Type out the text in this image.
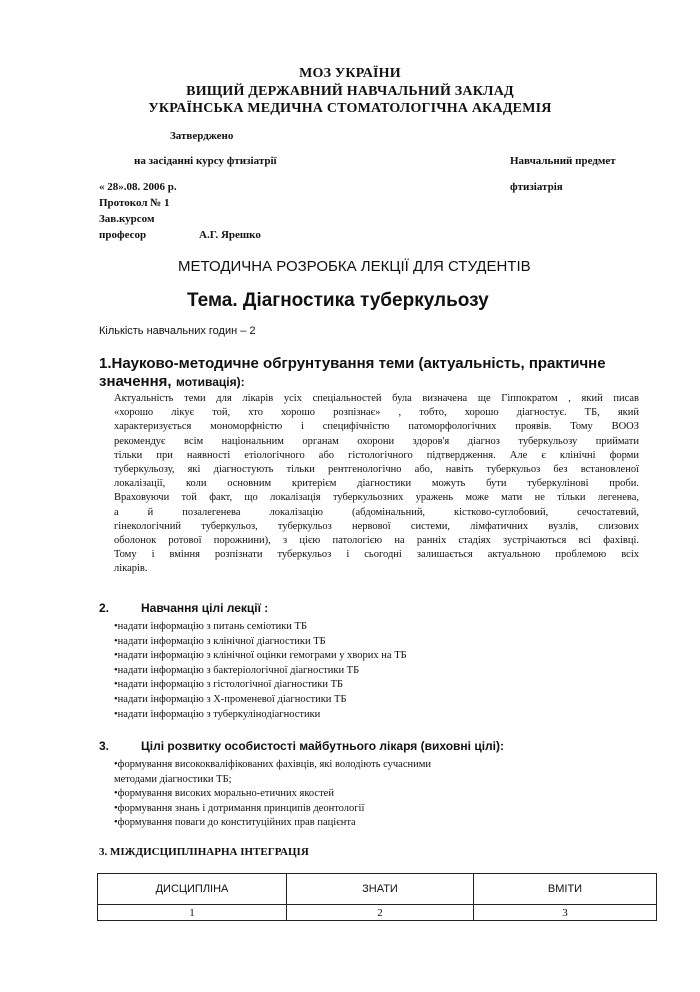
МОЗ УКРАЇНИ
ВИЩИЙ ДЕРЖАВНИЙ НАВЧАЛЬНИЙ ЗАКЛАД
УКРАЇНСЬКА МЕДИЧНА СТОМАТОЛОГІЧНА АКАДЕМІЯ
Затверджено
на засіданні курсу фтизіатрії	Навчальний предмет
« 28».08. 2006 р.	фтизіатрія
Протокол № 1
Зав.курсом
професор	А.Г. Ярешко
МЕТОДИЧНА РОЗРОБКА ЛЕКЦІЇ ДЛЯ СТУДЕНТІВ
Тема. Діагностика туберкульозу
Кількість навчальних годин – 2
1.Науково-методичне обгрунтування теми (актуальність, практичне
значення, мотивація):
Актуальність теми для лікарів усіх спеціальностей була визначена ще Гіппократом , який писав
«хорошо лікує той, хто хорошо розпізнає» , тобто, хорошо діагностує. ТБ, який
характеризується мономорфністю і специфічністю патоморфологічних проявів. Тому ВООЗ
рекомендує всім національним органам охорони здоров'я діагноз туберкульозу приймати
тільки при наявності етіологічного або гістологічного підтвердження. Але є клінічні форми
туберкульозу, які діагностують тільки рентгенологічно або, навіть туберкульоз без встановленої
локалізації, коли основним критерієм діагностики можуть бути туберкулінові проби.
Враховуючи той факт, що локалізація туберкульозних уражень може мати не тільки легенева,
а й позалегенева локалізацію (абдомінальний, кістково-суглобовий, сечостатевий,
гінекологічний туберкульоз, туберкульоз нервової системи, лімфатичних вузлів, слизових
оболонок ротової порожнини), з цією патологією на ранніх стадіях зустрічаються всі фахівці.
Тому і вміння розпізнати туберкульоз і сьогодні залишається актуальною проблемою всіх
лікарів.
2.	Навчання цілі лекції :
•надати інформацію з питань семіотики ТБ
•надати інформацію з клінічної діагностики ТБ
•надати інформацію з клінічної оцінки гемограми у хворих на ТБ
•надати інформацію з бактеріологічної діагностики ТБ
•надати інформацію з гістологічної діагностики ТБ
•надати інформацію з Х-променевої діагностики ТБ
•надати інформацію з туберкулінодіагностики
3.	Цілі розвитку особистості майбутнього лікаря (виховні цілі):
•формування висококваліфікованих фахівців, які володіють сучасними
методами діагностики ТБ;
•формування високих морально-етичних якостей
•формування знань і дотримання принципів деонтології
•формування поваги до конституційних прав пацієнта
3. МІЖДИСЦИПЛІНАРНА ІНТЕГРАЦІЯ
ДИСЦИПЛІНА	ЗНАТИ	ВМІТИ
1	2	3
